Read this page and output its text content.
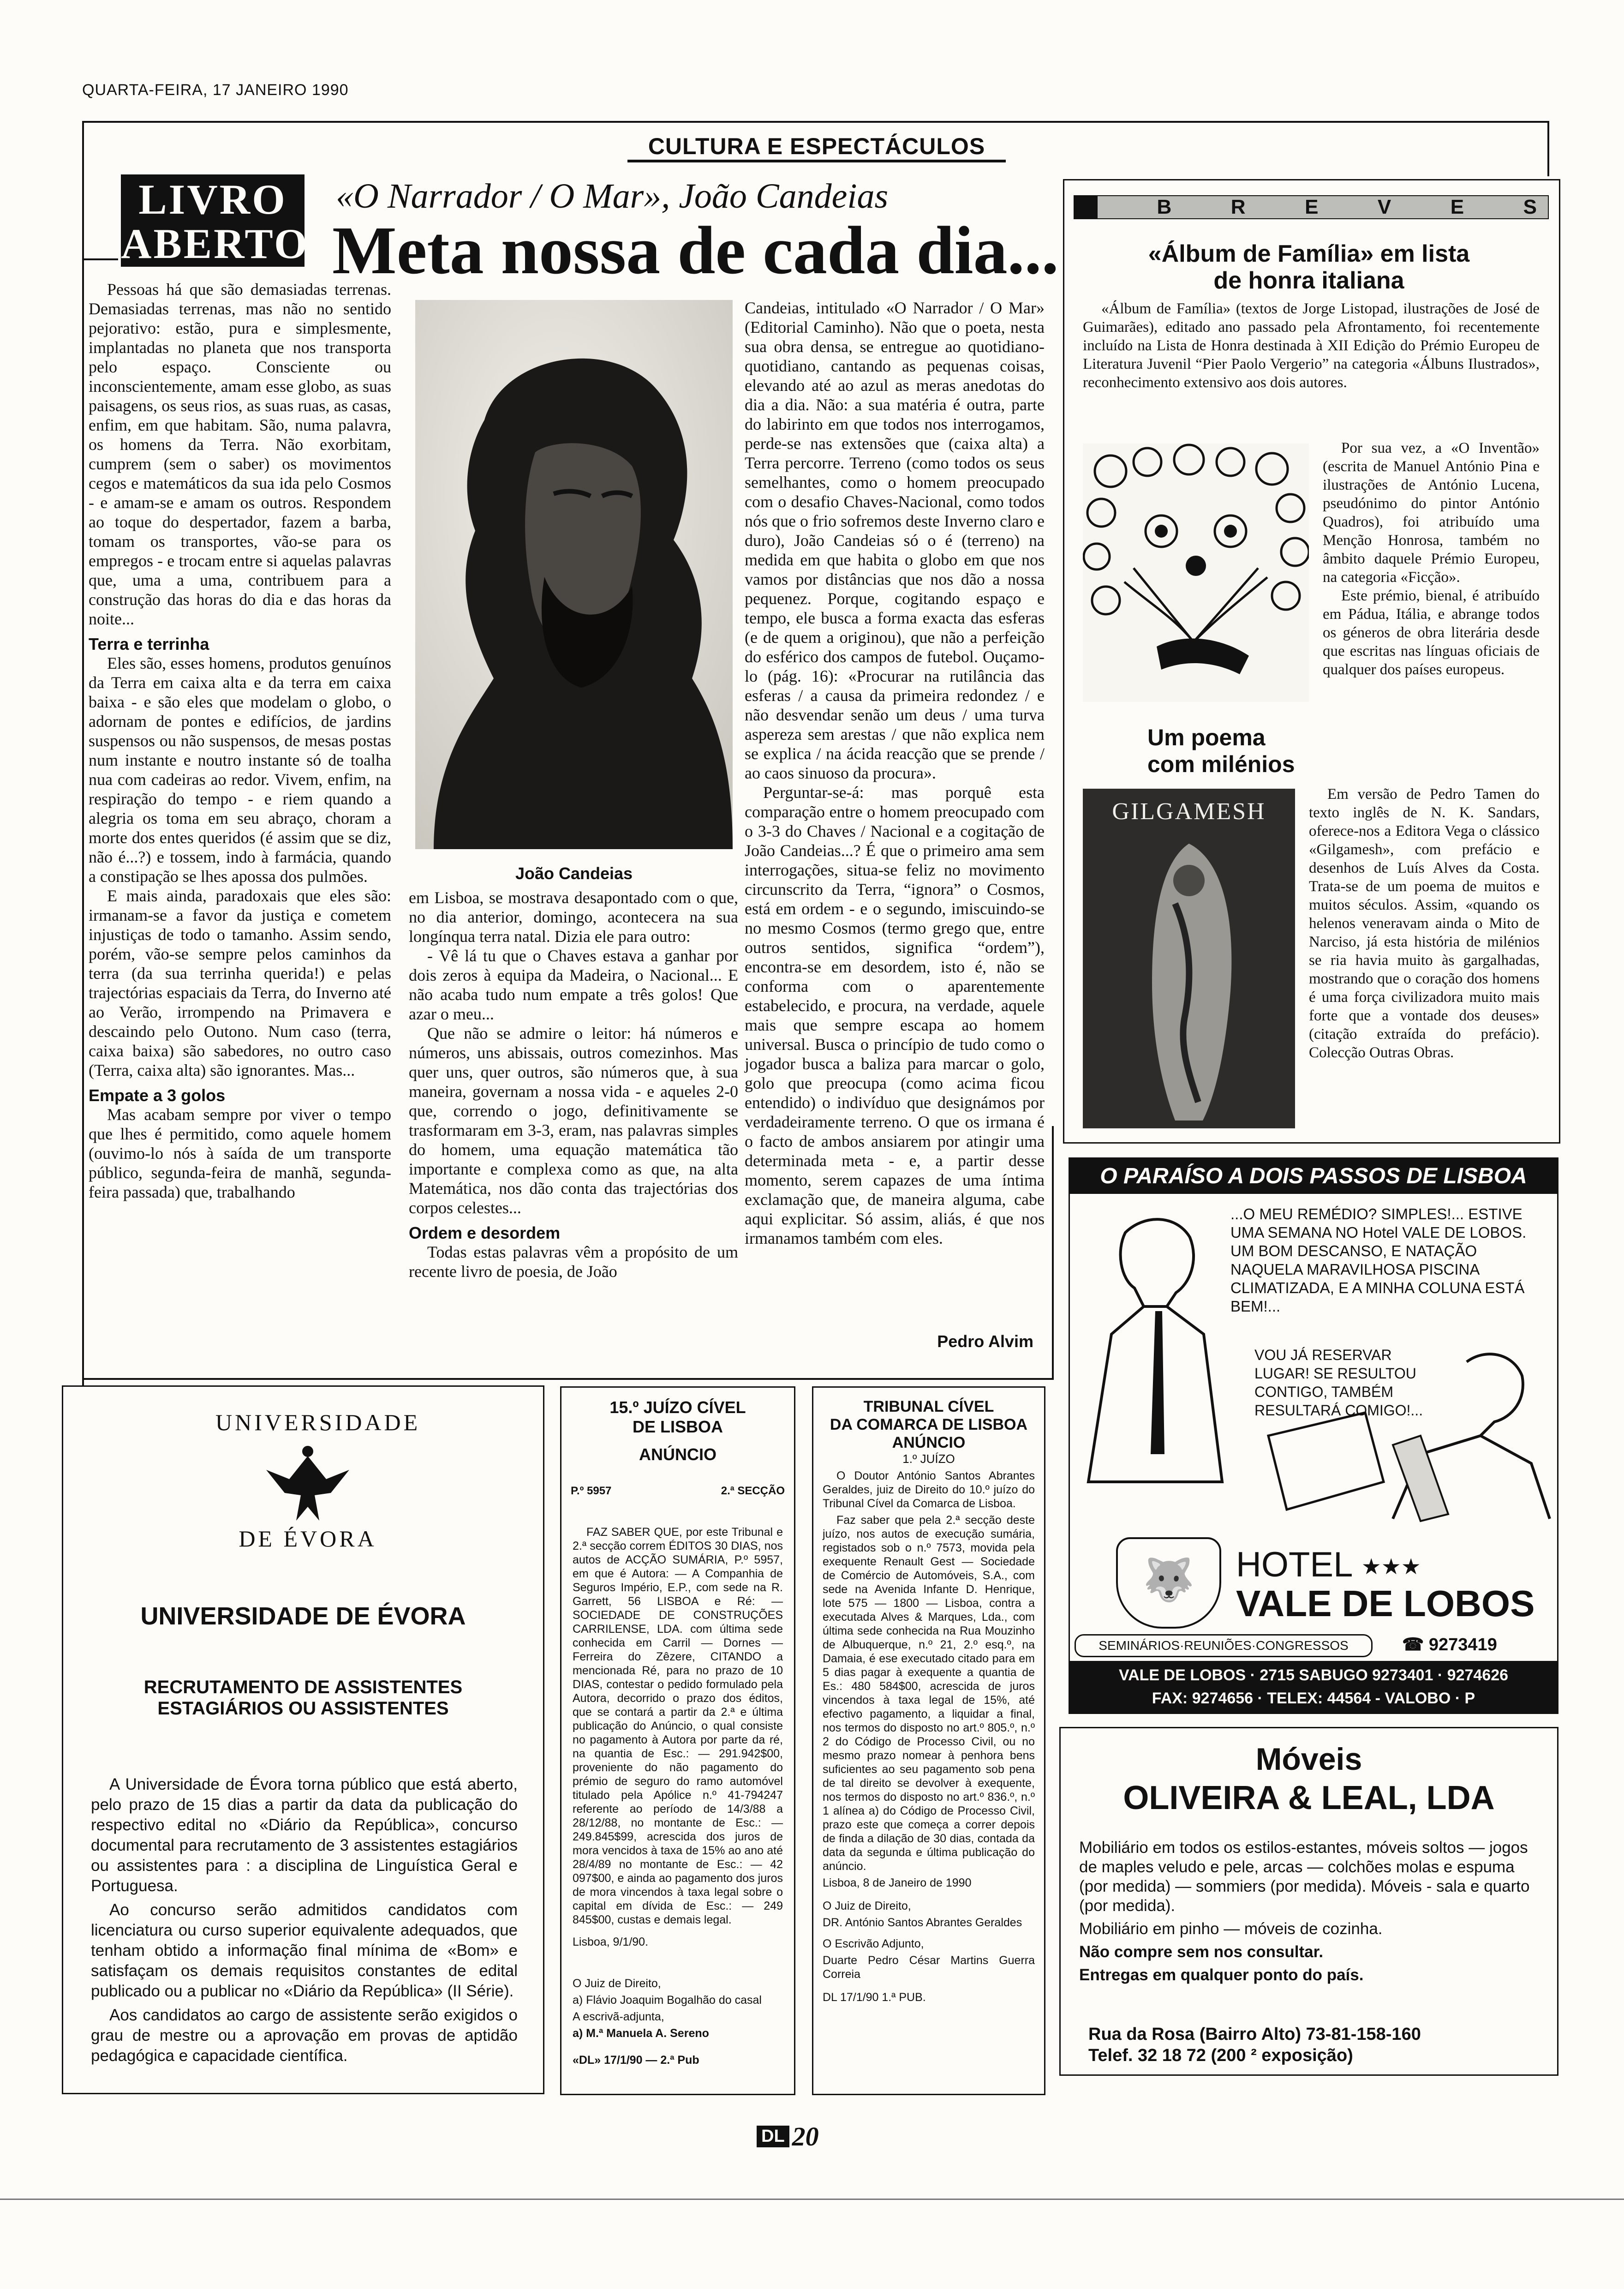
QUARTA-FEIRA, 17 JANEIRO 1990
CULTURA E ESPECTÁCULOS
LIVRO
ABERTO
«O Narrador / O Mar», João Candeias
Meta nossa de cada dia...

Pessoas há que são demasiadas terrenas. Demasiadas terrenas, mas não no sentido pejorativo: estão, pura e simplesmente, implantadas no planeta que nos transporta pelo espaço. Consciente ou inconscientemente, amam esse globo, as suas paisagens, os seus rios, as suas ruas, as casas, enfim, em que habitam. São, numa palavra, os homens da Terra. Não exorbitam, cumprem (sem o saber) os movimentos cegos e matemáticos da sua ida pelo Cosmos - e amam-se e amam os outros. Respondem ao toque do despertador, fazem a barba, tomam os transportes, vão-se para os empregos - e trocam entre si aquelas palavras que, uma a uma, contribuem para a construção das horas do dia e das horas da noite...

Terra e terrinha

Eles são, esses homens, produtos genuínos da Terra em caixa alta e da terra em caixa baixa - e são eles que modelam o globo, o adornam de pontes e edifícios, de jardins suspensos ou não suspensos, de mesas postas num instante e noutro instante só de toalha nua com cadeiras ao redor. Vivem, enfim, na respiração do tempo - e riem quando a alegria os toma em seu abraço, choram a morte dos entes queridos (é assim que se diz, não é...?) e tossem, indo à farmácia, quando a constipação se lhes apossa dos pulmões.

E mais ainda, paradoxais que eles são: irmanam-se a favor da justiça e cometem injustiças de todo o tamanho. Assim sendo, porém, vão-se sempre pelos caminhos da terra (da sua terrinha querida!) e pelas trajectórias espaciais da Terra, do Inverno até ao Verão, irrompendo na Primavera e descaindo pelo Outono. Num caso (terra, caixa baixa) são sabedores, no outro caso (Terra, caixa alta) são ignorantes. Mas...

Empate a 3 golos

Mas acabam sempre por viver o tempo que lhes é permitido, como aquele homem (ouvimo-lo nós à saída de um transporte público, segunda-feira de manhã, segunda-feira passada) que, trabalhando

João Candeias

em Lisboa, se mostrava desapontado com o que, no dia anterior, domingo, acontecera na sua longínqua terra natal. Dizia ele para outro:

- Vê lá tu que o Chaves estava a ganhar por dois zeros à equipa da Madeira, o Nacional... E não acaba tudo num empate a três golos! Que azar o meu...

Que não se admire o leitor: há números e números, uns abissais, outros comezinhos. Mas quer uns, quer outros, são números que, à sua maneira, governam a nossa vida - e aqueles 2-0 que, correndo o jogo, definitivamente se trasformaram em 3-3, eram, nas palavras simples do homem, uma equação matemática tão importante e complexa como as que, na alta Matemática, nos dão conta das trajectórias dos corpos celestes...

Ordem e desordem

Todas estas palavras vêm a propósito de um recente livro de poesia, de João

Candeias, intitulado «O Narrador / O Mar» (Editorial Caminho). Não que o poeta, nesta sua obra densa, se entregue ao quotidiano-quotidiano, cantando as pequenas coisas, elevando até ao azul as meras anedotas do dia a dia. Não: a sua matéria é outra, parte do labirinto em que todos nos interrogamos, perde-se nas extensões que (caixa alta) a Terra percorre. Terreno (como todos os seus semelhantes, como o homem preocupado com o desafio Chaves-Nacional, como todos nós que o frio sofremos deste Inverno claro e duro), João Candeias só o é (terreno) na medida em que habita o globo em que nos vamos por distâncias que nos dão a nossa pequenez. Porque, cogitando espaço e tempo, ele busca a forma exacta das esferas (e de quem a originou), que não a perfeição do esférico dos campos de futebol. Ouçamo-lo (pág. 16): «Procurar na rutilância das esferas / a causa da primeira redondez / e não desvendar senão um deus / uma turva aspereza sem arestas / que não explica nem se explica / na ácida reacção que se prende / ao caos sinuoso da procura».

Perguntar-se-á: mas porquê esta comparação entre o homem preocupado com o 3-3 do Chaves / Nacional e a cogitação de João Candeias...? É que o primeiro ama sem interrogações, situa-se feliz no movimento circunscrito da Terra, “ignora” o Cosmos, está em ordem - e o segundo, imiscuindo-se no mesmo Cosmos (termo grego que, entre outros sentidos, significa “ordem”), encontra-se em desordem, isto é, não se conforma com o aparentemente estabelecido, e procura, na verdade, aquele mais que sempre escapa ao homem universal. Busca o princípio de tudo como o jogador busca a baliza para marcar o golo, golo que preocupa (como acima ficou entendido) o indivíduo que designámos por verdadeiramente terreno. O que os irmana é o facto de ambos ansiarem por atingir uma determinada meta - e, a partir desse momento, serem capazes de uma íntima exclamação que, de maneira alguma, cabe aqui explicitar. Só assim, aliás, é que nos irmanamos também com eles.

Pedro Alvim
B	R	E	V	E	S
«Álbum de Família» em lista de honra italiana

«Álbum de Família» (textos de Jorge Listopad, ilustrações de José de Guimarães), editado ano passado pela Afrontamento, foi recentemente incluído na Lista de Honra destinada à XII Edição do Prémio Europeu de Literatura Juvenil “Pier Paolo Vergerio” na categoria «Álbuns Ilustrados», reconhecimento extensivo aos dois autores.

Por sua vez, a «O Inventão» (escrita de Manuel António Pina e ilustrações de António Lucena, pseudónimo do pintor António Quadros), foi atribuído uma Menção Honrosa, também no âmbito daquele Prémio Europeu, na categoria «Ficção».

Este prémio, bienal, é atribuído em Pádua, Itália, e abrange todos os géneros de obra literária desde que escritas nas línguas oficiais de qualquer dos países europeus.

Um poema com milénios
GILGAMESH

Em versão de Pedro Tamen do texto inglês de N. K. Sandars, oferece-nos a Editora Vega o clássico «Gilgamesh», com prefácio e desenhos de Luís Alves da Costa. Trata-se de um poema de muitos e muitos séculos. Assim, «quando os helenos veneravam ainda o Mito de Narciso, já esta história de milénios se ria havia muito às gargalhadas, mostrando que o coração dos homens é uma força civilizadora muito mais forte que a vontade dos deuses» (citação extraída do prefácio). Colecção Outras Obras.

O PARAÍSO A DOIS PASSOS DE LISBOA
...O MEU REMÉDIO? SIMPLES!... ESTIVE UMA SEMANA NO Hotel VALE DE LOBOS. UM BOM DESCANSO, E NATAÇÃO NAQUELA MARAVILHOSA PISCINA CLIMATIZADA, E A MINHA COLUNA ESTÁ BEM!...
VOU JÁ RESERVAR LUGAR! SE RESULTOU CONTIGO, TAMBÉM RESULTARÁ COMIGO!...
🐺	HOTEL ★★★
VALE DE LOBOS
SEMINÁRIOS·REUNIÕES·CONGRESSOS	☎ 9273419
VALE DE LOBOS · 2715 SABUGO 9273401 · 9274626
FAX: 9274656 · TELEX: 44564 - VALOBO · P
Móveis
OLIVEIRA & LEAL, LDA

Mobiliário em todos os estilos-estantes, móveis soltos — jogos de maples veludo e pele, arcas — colchões molas e espuma (por medida) — sommiers (por medida). Móveis - sala e quarto (por medida).

Mobiliário em pinho — móveis de cozinha.

Não compre sem nos consultar.

Entregas em qualquer ponto do país.

Rua da Rosa (Bairro Alto) 73-81-158-160
Telef. 32 18 72 (200 ² exposição)
UNIVERSIDADE
DE ÉVORA
UNIVERSIDADE DE ÉVORA
RECRUTAMENTO DE ASSISTENTES ESTAGIÁRIOS OU ASSISTENTES

A Universidade de Évora torna público que está aberto, pelo prazo de 15 dias a partir da data da publicação do respectivo edital no «Diário da República», concurso documental para recrutamento de 3 assistentes estagiários ou assistentes para : a disciplina de Linguística Geral e Portuguesa.

Ao concurso serão admitidos candidatos com licenciatura ou curso superior equivalente adequados, que tenham obtido a informação final mínima de «Bom» e satisfaçam os demais requisitos constantes de edital publicado ou a publicar no «Diário da República» (II Série).

Aos candidatos ao cargo de assistente serão exigidos o grau de mestre ou a aprovação em provas de aptidão pedagógica e capacidade científica.

15.º JUÍZO CÍVEL
DE LISBOA
ANÚNCIO
P.º 5957	2.ª SECÇÃO

FAZ SABER QUE, por este Tribunal e 2.ª secção correm ÉDITOS 30 DIAS, nos autos de ACÇÃO SUMÁRIA, P.º 5957, em que é Autora: — A Companhia de Seguros Império, E.P., com sede na R. Garrett, 56 LISBOA e Ré: — SOCIEDADE DE CONSTRUÇÕES CARRILENSE, LDA. com última sede conhecida em Carril — Dornes — Ferreira do Zêzere, CITANDO a mencionada Ré, para no prazo de 10 DIAS, contestar o pedido formulado pela Autora, decorrido o prazo dos éditos, que se contará a partir da 2.ª e última publicação do Anúncio, o qual consiste no pagamento à Autora por parte da ré, na quantia de Esc.: — 291.942$00, proveniente do não pagamento do prémio de seguro do ramo automóvel titulado pela Apólice n.º 41-794247 referente ao período de 14/3/88 a 28/12/88, no montante de Esc.: — 249.845$99, acrescida dos juros de mora vencidos à taxa de 15% ao ano até 28/4/89 no montante de Esc.: — 42 097$00, e ainda ao pagamento dos juros de mora vincendos à taxa legal sobre o capital em dívida de Esc.: — 249 845$00, custas e demais legal.

Lisboa, 9/1/90.

O Juiz de Direito,

a) Flávio Joaquim Bogalhão do casal

A escrivã-adjunta,

a) M.ª Manuela A. Sereno

«DL» 17/1/90 — 2.ª Pub

TRIBUNAL CÍVEL
DA COMARCA DE LISBOA
ANÚNCIO
1.º JUÍZO

O Doutor António Santos Abrantes Geraldes, juiz de Direito do 10.º juízo do Tribunal Cível da Comarca de Lisboa.

Faz saber que pela 2.ª secção deste juízo, nos autos de execução sumária, registados sob o n.º 7573, movida pela exequente Renault Gest — Sociedade de Comércio de Automóveis, S.A., com sede na Avenida Infante D. Henrique, lote 575 — 1800 — Lisboa, contra a executada Alves & Marques, Lda., com última sede conhecida na Rua Mouzinho de Albuquerque, n.º 21, 2.º esq.º, na Damaia, é ese executado citado para em 5 dias pagar à exequente a quantia de Es.: 480 584$00, acrescida de juros vincendos à taxa legal de 15%, até efectivo pagamento, a liquidar a final, nos termos do disposto no art.º 805.º, n.º 2 do Código de Processo Civil, ou no mesmo prazo nomear à penhora bens suficientes ao seu pagamento sob pena de tal direito se devolver à exequente, nos termos do disposto no art.º 836.º, n.º 1 alínea a) do Código de Processo Civil, prazo este que começa a correr depois de finda a dilação de 30 dias, contada da data da segunda e última publicação do anúncio.

Lisboa, 8 de Janeiro de 1990

O Juiz de Direito,

DR. António Santos Abrantes Geraldes

O Escrivão Adjunto,

Duarte Pedro César Martins Guerra Correia

DL 17/1/90 1.ª PUB.

DL 20
